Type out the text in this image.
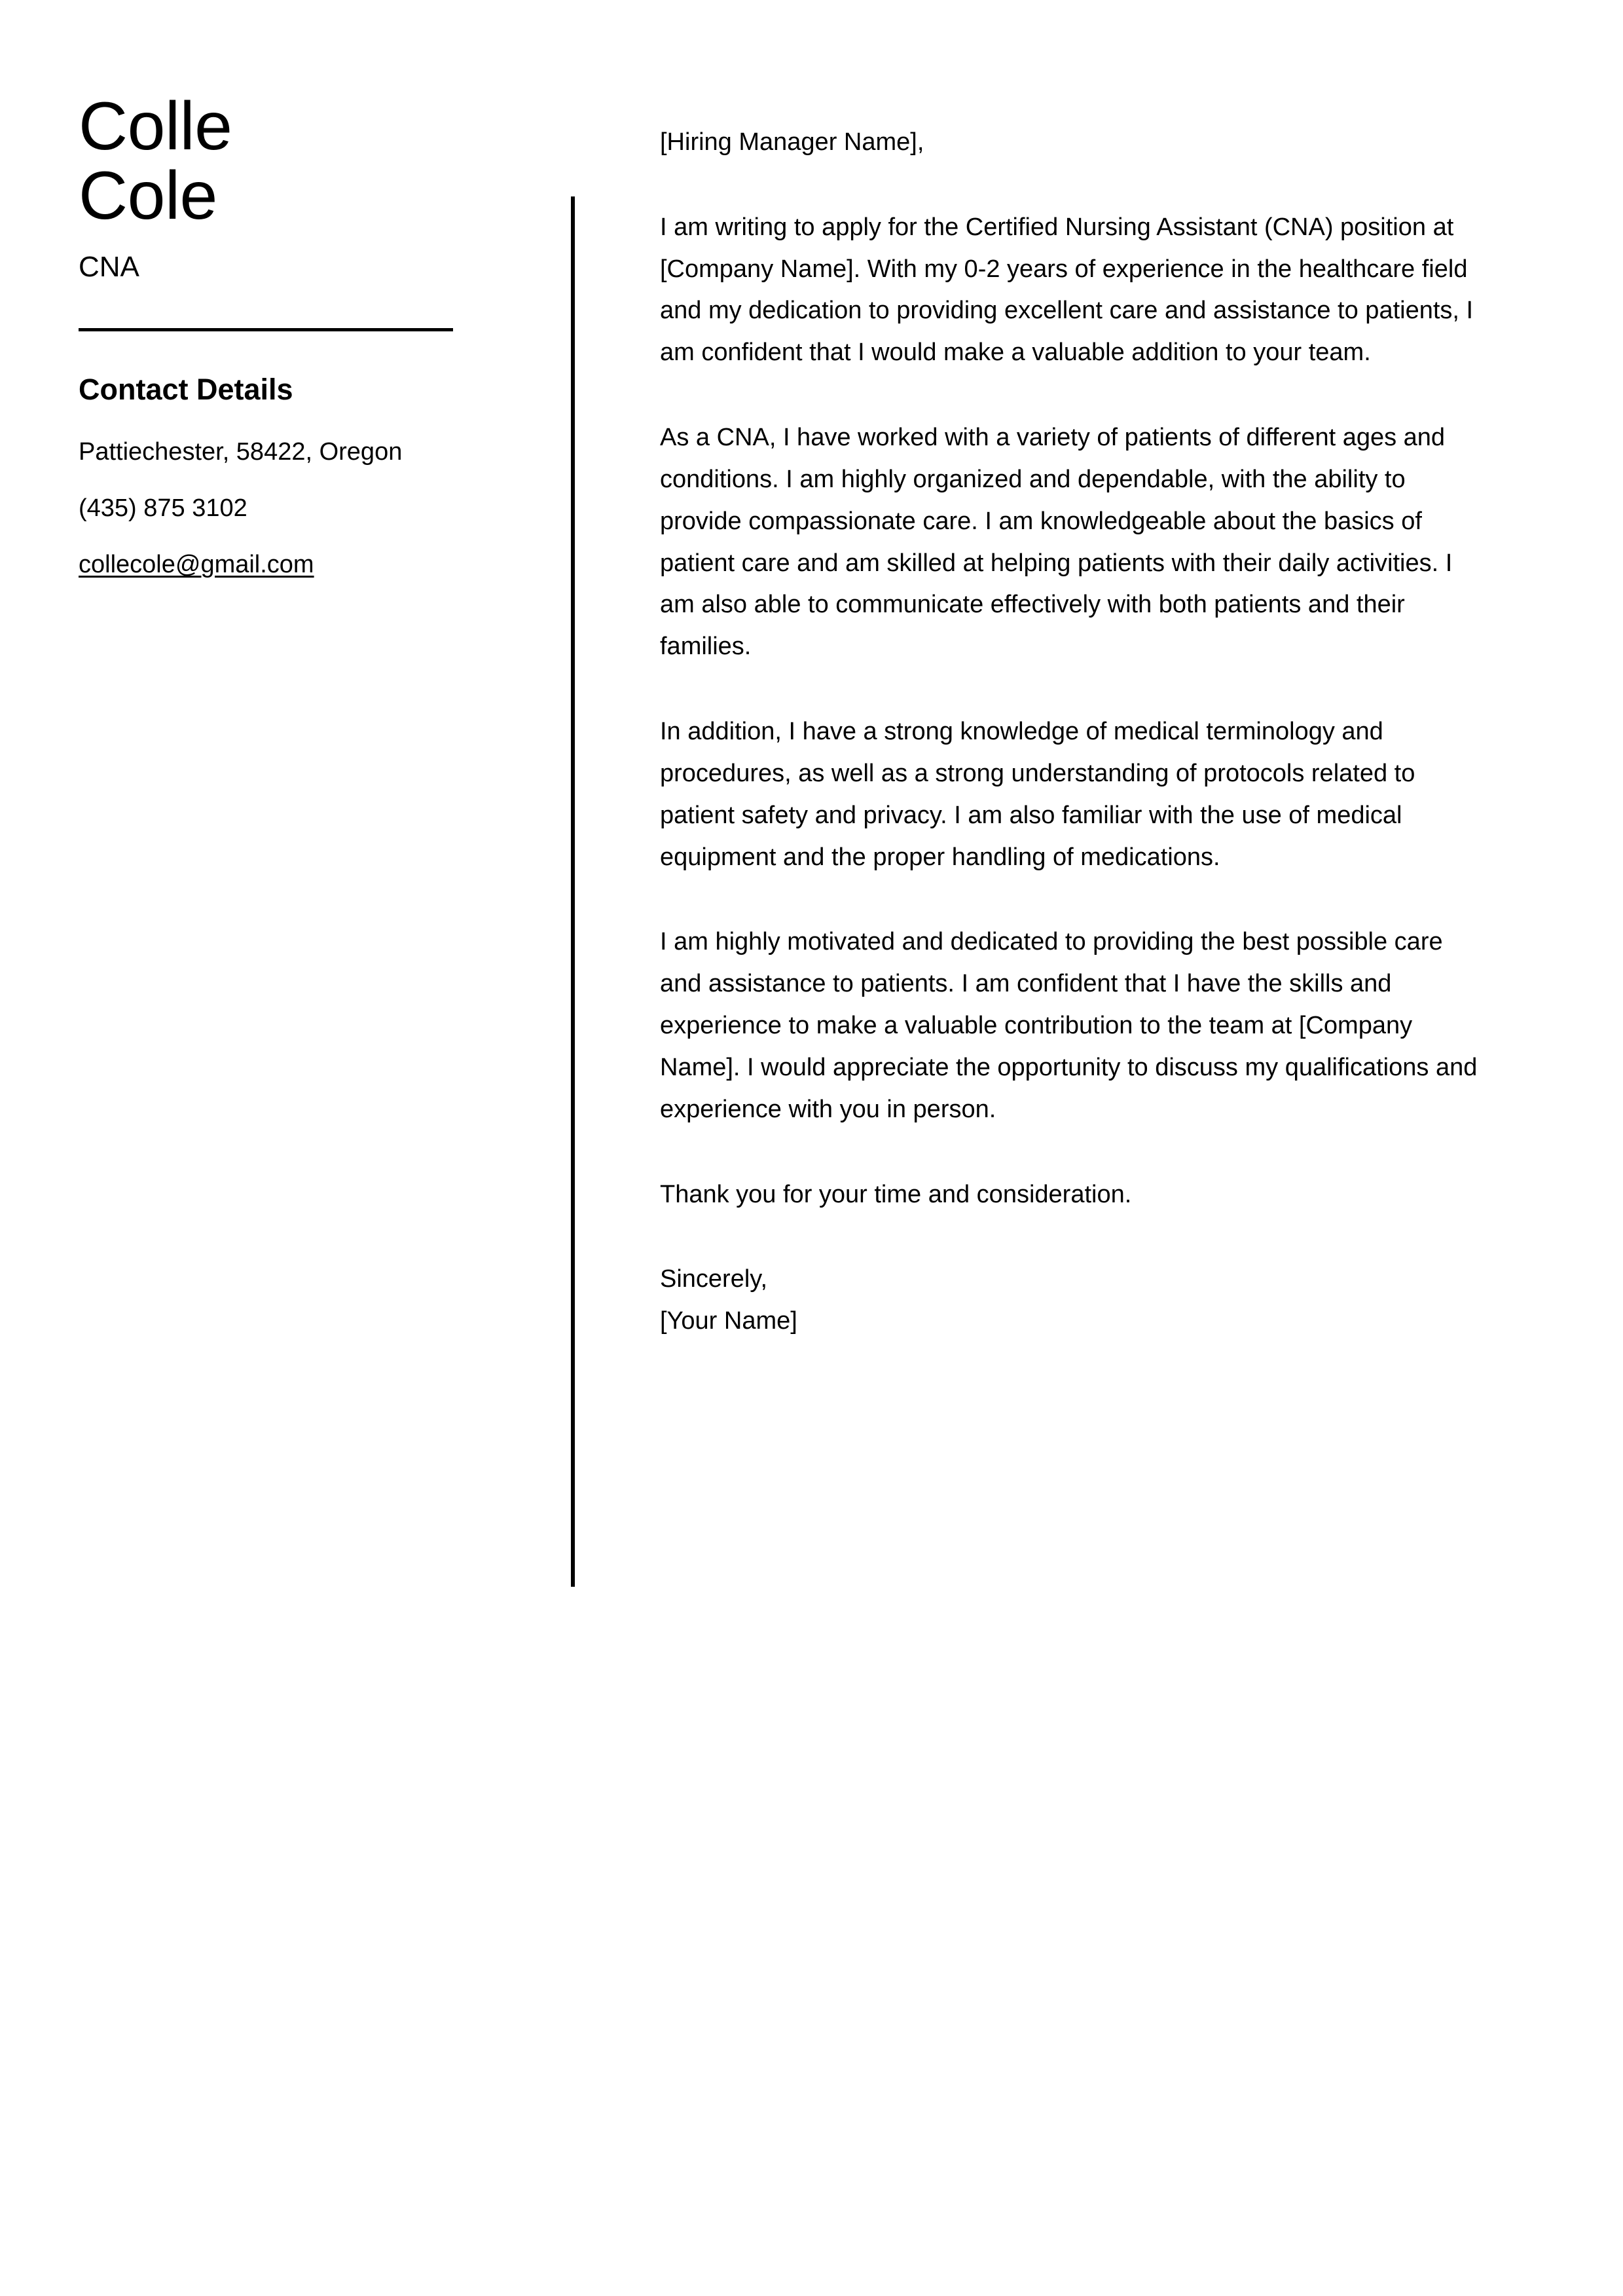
Colle
Cole
CNA
Contact Details
Pattiechester, 58422, Oregon
(435) 875 3102
collecole@gmail.com

[Hiring Manager Name],

I am writing to apply for the Certified Nursing Assistant (CNA) position at [Company Name]. With my 0-2 years of experience in the healthcare field and my dedication to providing excellent care and assistance to patients, I am confident that I would make a valuable addition to your team.

As a CNA, I have worked with a variety of patients of different ages and conditions. I am highly organized and dependable, with the ability to provide compassionate care. I am knowledgeable about the basics of patient care and am skilled at helping patients with their daily activities. I am also able to communicate effectively with both patients and their families.

In addition, I have a strong knowledge of medical terminology and procedures, as well as a strong understanding of protocols related to patient safety and privacy. I am also familiar with the use of medical equipment and the proper handling of medications.

I am highly motivated and dedicated to providing the best possible care and assistance to patients. I am confident that I have the skills and experience to make a valuable contribution to the team at [Company Name]. I would appreciate the opportunity to discuss my qualifications and experience with you in person.

Thank you for your time and consideration.

Sincerely,
[Your Name]
